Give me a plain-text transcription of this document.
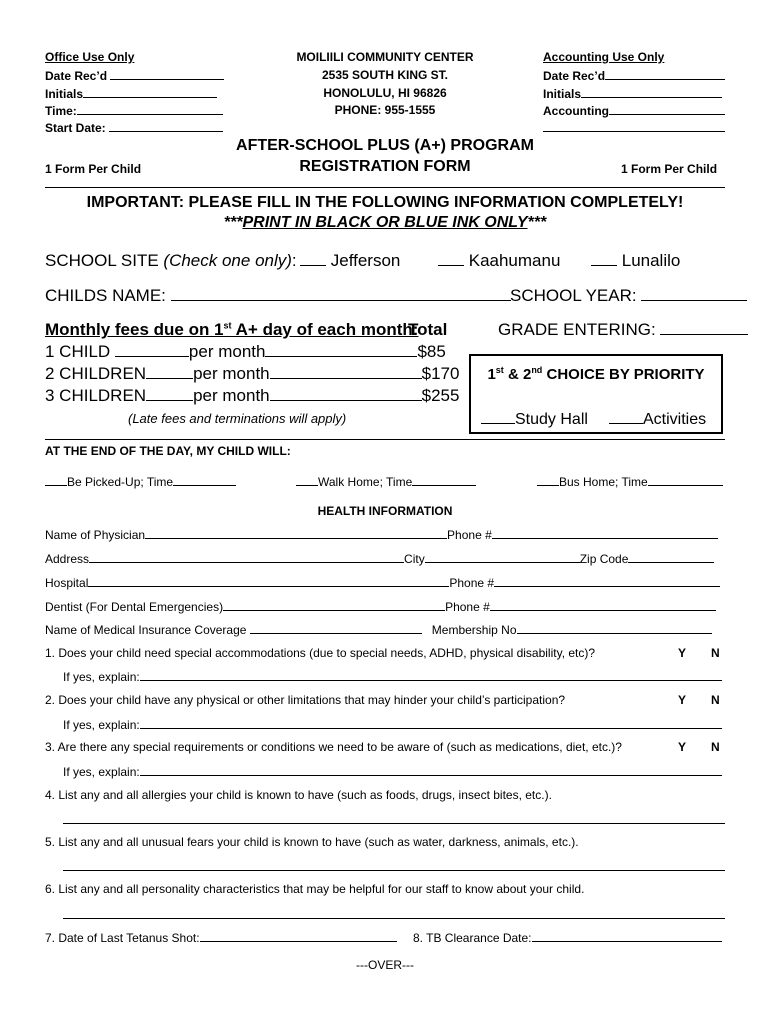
Office Use Only
Date Rec’d
Initials
Time:
Start Date:
MOILIILI COMMUNITY CENTER
2535 SOUTH KING ST.
HONOLULU, HI 96826
PHONE: 955-1555
Accounting Use Only
Date Rec’d
Initials
Accounting
AFTER-SCHOOL PLUS (A+) PROGRAM
REGISTRATION FORM
1 Form Per Child	1 Form Per Child
IMPORTANT: PLEASE FILL IN THE FOLLOWING INFORMATION COMPLETELY!
***PRINT IN BLACK OR BLUE INK ONLY***
SCHOOL SITE (Check one only):	Jefferson	Kaahumanu	Lunalilo
CHILDS NAME:	SCHOOL YEAR:
Monthly fees due on 1st A+ day of each month:
Total	GRADE ENTERING:
1 CHILD	per month	$85
2 CHILDREN	per month	$170
3 CHILDREN	per month	$255
(Late fees and terminations will apply)
1st & 2nd CHOICE BY PRIORITY
Study Hall	Activities
AT THE END OF THE DAY, MY CHILD WILL:
Be Picked-Up; Time	Walk Home; Time	Bus Home; Time
HEALTH INFORMATION
Name of Physician	Phone #
Address	City	Zip Code
Hospital	Phone #
Dentist (For Dental Emergencies)	Phone #
Name of Medical Insurance Coverage	Membership No
1. Does your child need special accommodations (due to special needs, ADHD, physical disability, etc)?	Y N
If yes, explain:
2. Does your child have any physical or other limitations that may hinder your child’s participation?	Y N
If yes, explain:
3. Are there any special requirements or conditions we need to be aware of (such as medications, diet, etc.)?	Y N
If yes, explain:
4. List any and all allergies your child is known to have (such as foods, drugs, insect bites, etc.).
5. List any and all unusual fears your child is known to have (such as water, darkness, animals, etc.).
6. List any and all personality characteristics that may be helpful for our staff to know about your child.
7. Date of Last Tetanus Shot:	8. TB Clearance Date:
---OVER---
